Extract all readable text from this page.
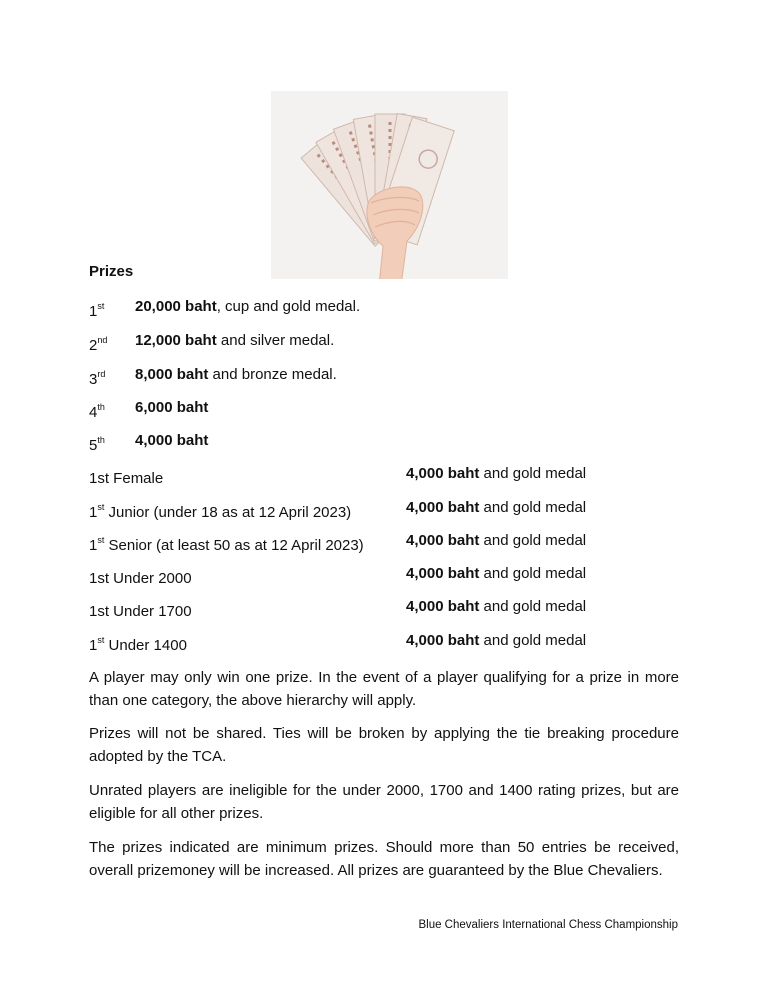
Prizes
1st	20,000 baht, cup and gold medal.
2nd	12,000 baht and silver medal.
3rd	8,000 baht and bronze medal.
4th	6,000 baht
5th	4,000 baht
1st Female	4,000 baht and gold medal
1st Junior (under 18 as at 12 April 2023)	4,000 baht and gold medal
1st Senior (at least 50 as at 12 April 2023)	4,000 baht and gold medal
1st Under 2000	4,000 baht and gold medal
1st Under 1700	4,000 baht and gold medal
1st Under 1400	4,000 baht and gold medal

A player may only win one prize. In the event of a player qualifying for a prize in more than one category, the above hierarchy will apply.

Prizes will not be shared. Ties will be broken by applying the tie breaking procedure adopted by the TCA.

Unrated players are ineligible for the under 2000, 1700 and 1400 rating prizes, but are eligible for all other prizes.

The prizes indicated are minimum prizes. Should more than 50 entries be received, overall prizemoney will be increased. All prizes are guaranteed by the Blue Chevaliers.

Blue Chevaliers International Chess Championship
